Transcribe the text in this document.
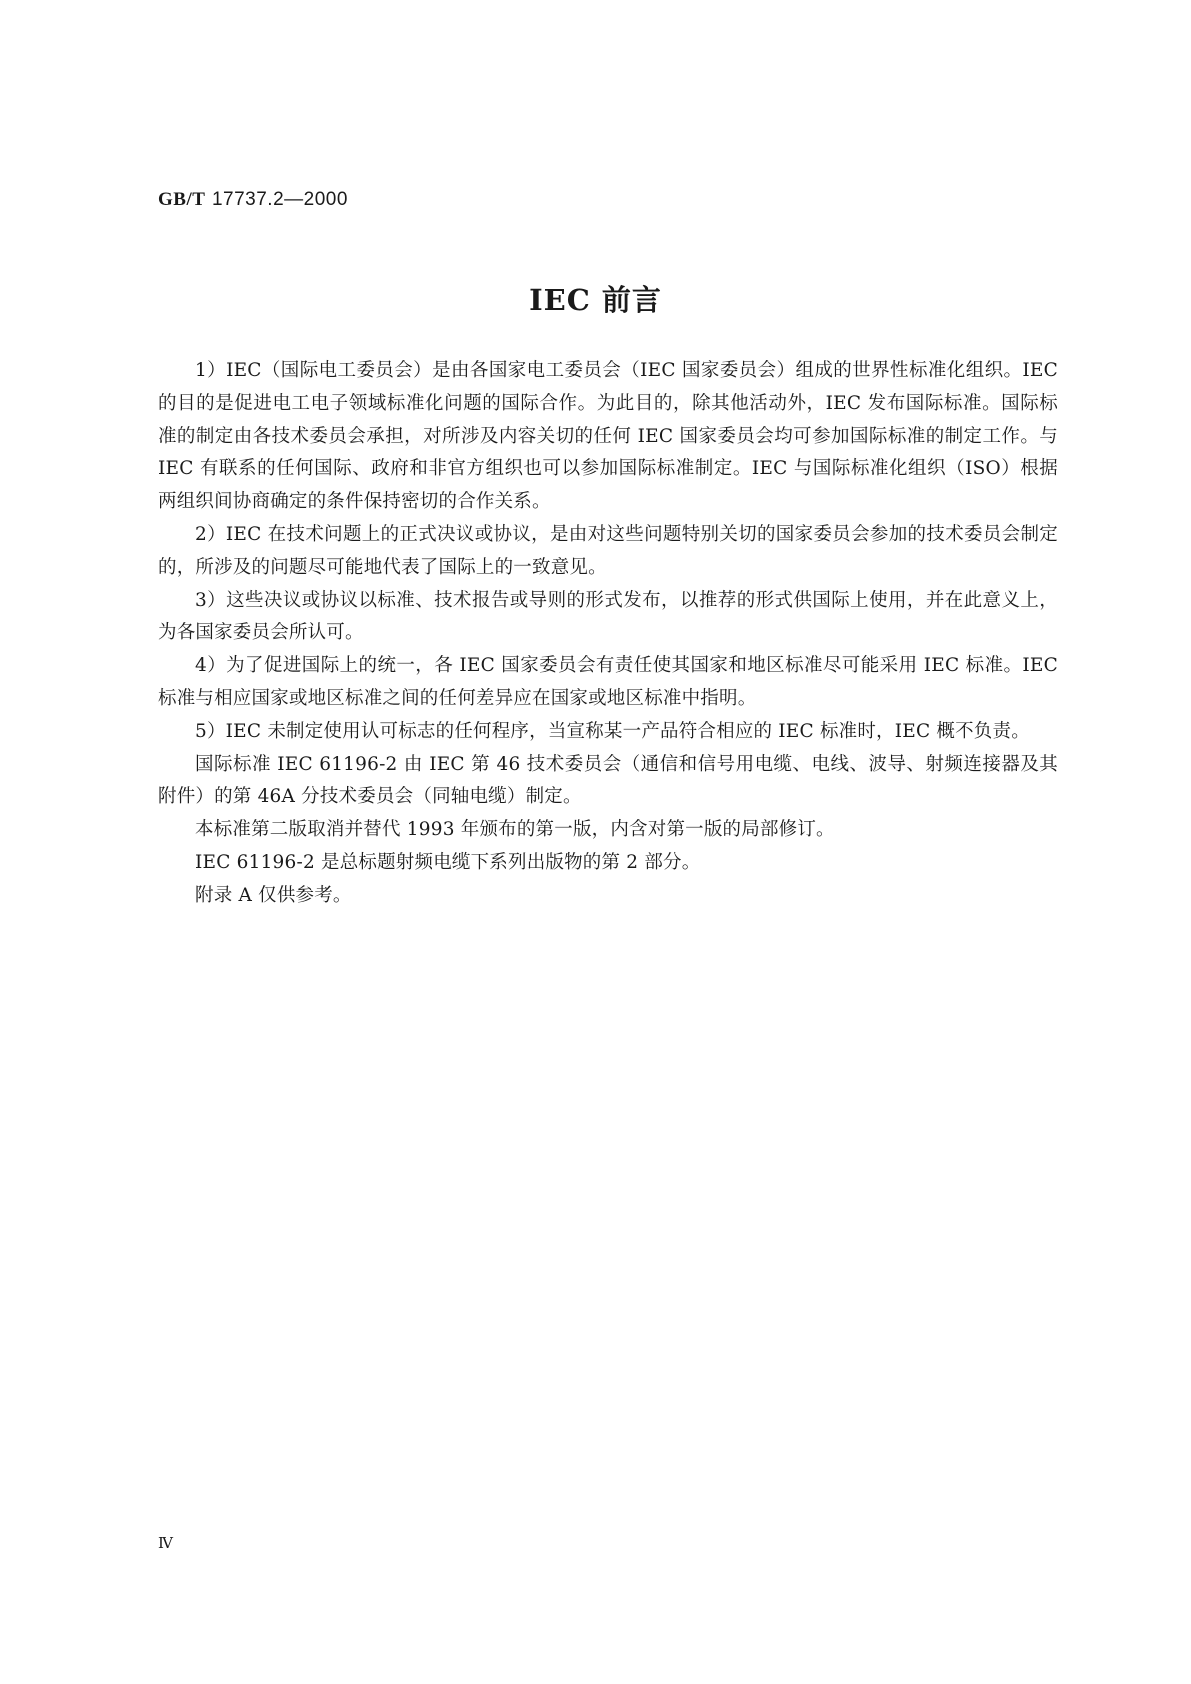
GB/T 17737.2—2000
IEC 前言

1）IEC（国际电工委员会）是由各国家电工委员会（IEC 国家委员会）组成的世界性标准化组织。IEC 的目的是促进电工电子领域标准化问题的国际合作。为此目的，除其他活动外，IEC 发布国际标准。国际标准的制定由各技术委员会承担，对所涉及内容关切的任何 IEC 国家委员会均可参加国际标准的制定工作。与 IEC 有联系的任何国际、政府和非官方组织也可以参加国际标准制定。IEC 与国际标准化组织（ISO）根据两组织间协商确定的条件保持密切的合作关系。

2）IEC 在技术问题上的正式决议或协议，是由对这些问题特别关切的国家委员会参加的技术委员会制定的，所涉及的问题尽可能地代表了国际上的一致意见。

3）这些决议或协议以标准、技术报告或导则的形式发布，以推荐的形式供国际上使用，并在此意义上，为各国家委员会所认可。

4）为了促进国际上的统一，各 IEC 国家委员会有责任使其国家和地区标准尽可能采用 IEC 标准。IEC 标准与相应国家或地区标准之间的任何差异应在国家或地区标准中指明。

5）IEC 未制定使用认可标志的任何程序，当宣称某一产品符合相应的 IEC 标准时，IEC 概不负责。

国际标准 IEC 61196-2 由 IEC 第 46 技术委员会（通信和信号用电缆、电线、波导、射频连接器及其附件）的第 46A 分技术委员会（同轴电缆）制定。

本标准第二版取消并替代 1993 年颁布的第一版，内含对第一版的局部修订。

IEC 61196-2 是总标题射频电缆下系列出版物的第 2 部分。

附录 A 仅供参考。

Ⅳ
